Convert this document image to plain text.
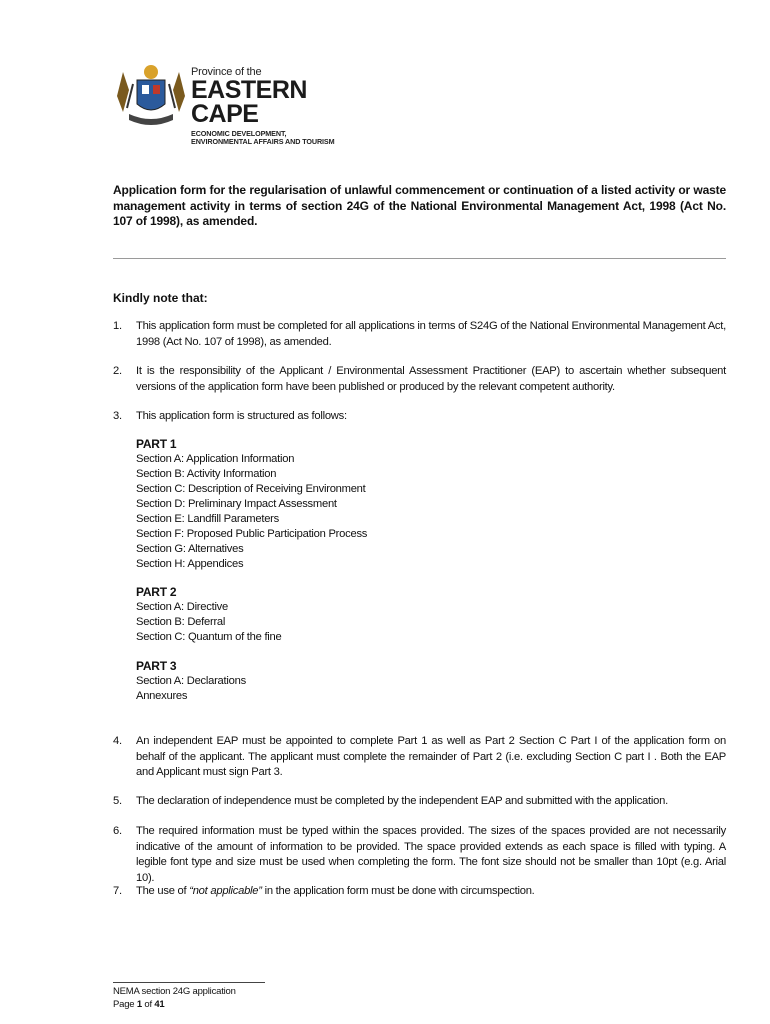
Province of the
EASTERN CAPE
ECONOMIC DEVELOPMENT,
ENVIRONMENTAL AFFAIRS AND TOURISM
Application form for the regularisation of unlawful commencement or continuation of a listed activity or waste management activity in terms of section 24G of the National Environmental Management Act, 1998 (Act No. 107 of 1998), as amended.
Kindly note that:
1. This application form must be completed for all applications in terms of S24G of the National Environmental Management Act, 1998 (Act No. 107 of 1998), as amended.
2. It is the responsibility of the Applicant / Environmental Assessment Practitioner (EAP) to ascertain whether subsequent versions of the application form have been published or produced by the relevant competent authority.
3. This application form is structured as follows:
PART 1
Section A: Application Information
Section B: Activity Information
Section C: Description of Receiving Environment
Section D: Preliminary Impact Assessment
Section E: Landfill Parameters
Section F: Proposed Public Participation Process
Section G: Alternatives
Section H: Appendices
PART 2
Section A: Directive
Section B: Deferral
Section C: Quantum of the fine
PART 3
Section A: Declarations
Annexures
4. An independent EAP must be appointed to complete Part 1 as well as Part 2 Section C Part I of the application form on behalf of the applicant. The applicant must complete the remainder of Part 2 (i.e. excluding Section C part I . Both the EAP and Applicant must sign Part 3.
5. The declaration of independence must be completed by the independent EAP and submitted with the application.
6. The required information must be typed within the spaces provided. The sizes of the spaces provided are not necessarily indicative of the amount of information to be provided. The space provided extends as each space is filled with typing. A legible font type and size must be used when completing the form. The font size should not be smaller than 10pt (e.g. Arial 10).
7. The use of “not applicable” in the application form must be done with circumspection.
NEMA section 24G application
Page 1 of 41
